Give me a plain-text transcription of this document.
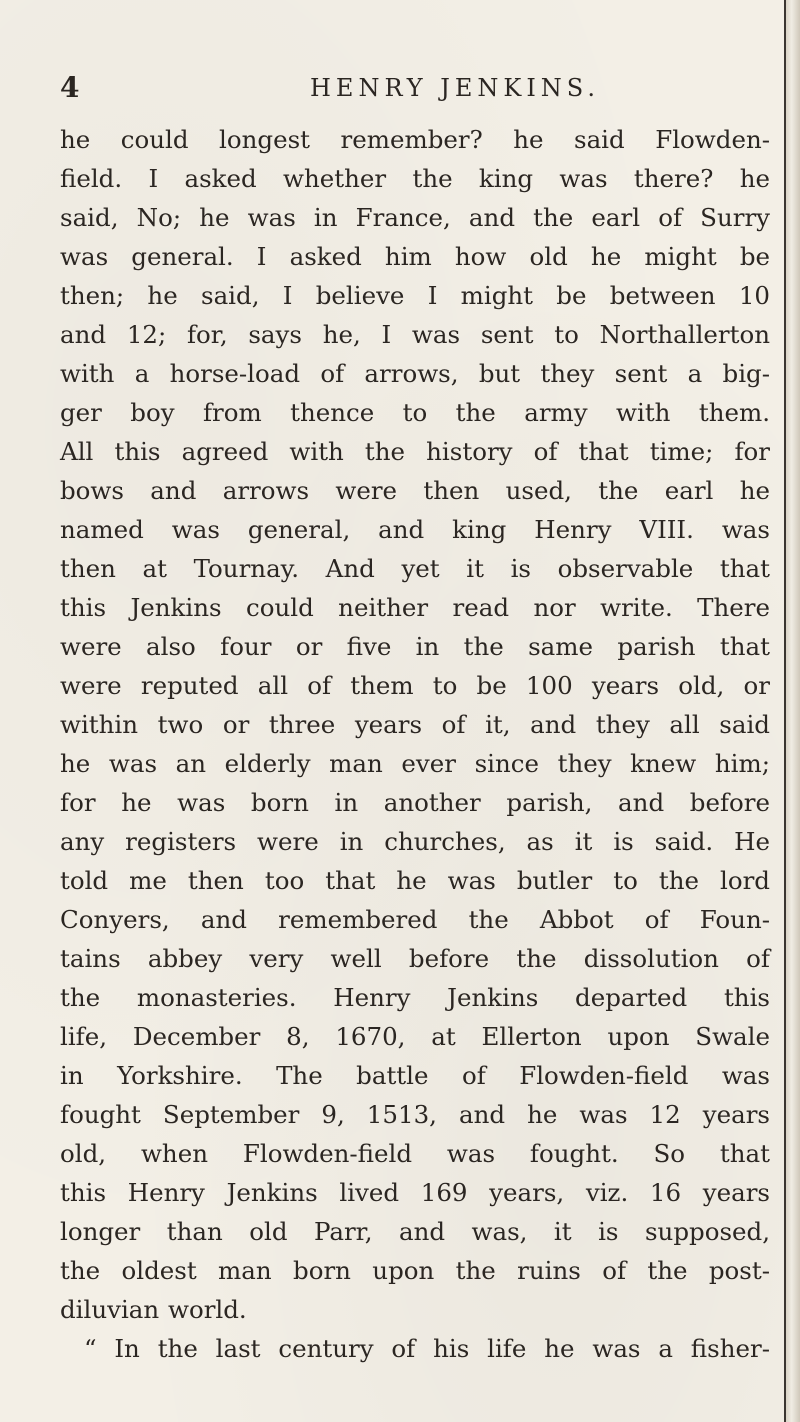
4	HENRY JENKINS.
he could longest remember? he said Flowden-
field. I asked whether the king was there? he
said, No; he was in France, and the earl of Surry
was general. I asked him how old he might be
then; he said, I believe I might be between 10
and 12; for, says he, I was sent to Northallerton
with a horse-load of arrows, but they sent a big-
ger boy from thence to the army with them.
All this agreed with the history of that time; for
bows and arrows were then used, the earl he
named was general, and king Henry VIII. was
then at Tournay. And yet it is observable that
this Jenkins could neither read nor write. There
were also four or five in the same parish that
were reputed all of them to be 100 years old, or
within two or three years of it, and they all said
he was an elderly man ever since they knew him;
for he was born in another parish, and before
any registers were in churches, as it is said. He
told me then too that he was butler to the lord
Conyers, and remembered the Abbot of Foun-
tains abbey very well before the dissolution of
the monasteries. Henry Jenkins departed this
life, December 8, 1670, at Ellerton upon Swale
in Yorkshire. The battle of Flowden-field was
fought September 9, 1513, and he was 12 years
old, when Flowden-field was fought. So that
this Henry Jenkins lived 169 years, viz. 16 years
longer than old Parr, and was, it is supposed,
the oldest man born upon the ruins of the post-
diluvian world.
“ In the last century of his life he was a fisher-
